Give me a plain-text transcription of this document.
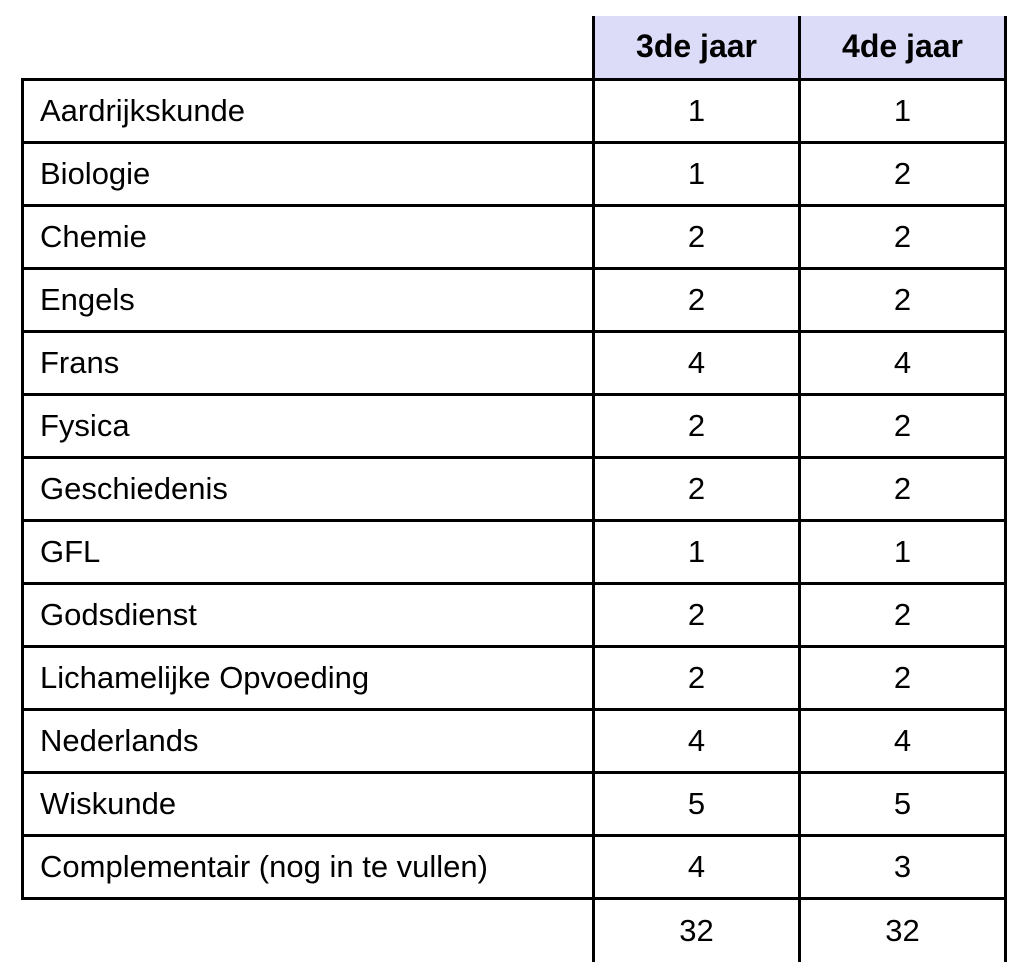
	3de jaar	4de jaar
Aardrijkskunde	1	1
Biologie	1	2
Chemie	2	2
Engels	2	2
Frans	4	4
Fysica	2	2
Geschiedenis	2	2
GFL	1	1
Godsdienst	2	2
Lichamelijke Opvoeding	2	2
Nederlands	4	4
Wiskunde	5	5
Complementair (nog in te vullen)	4	3
	32	32
